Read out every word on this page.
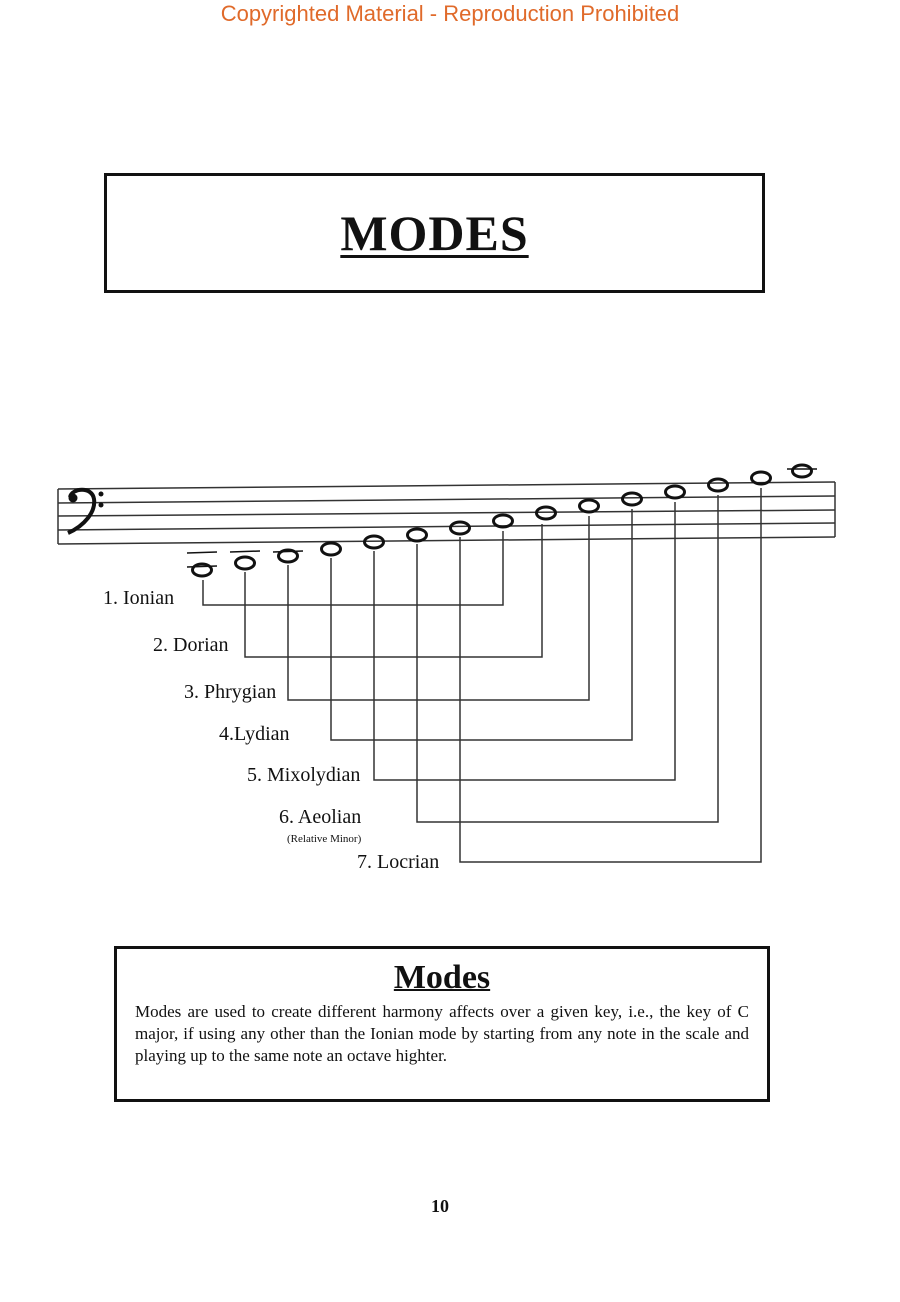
Copyrighted Material - Reproduction Prohibited
MODES
1. Ionian
2. Dorian
3. Phrygian
4.Lydian
5. Mixolydian
6. Aeolian
(Relative Minor)
7. Locrian
Modes

Modes are used to create different harmony affects over a given key, i.e., the key of C major, if using any other than the Ionian mode by starting from any note in the scale and playing up to the same note an octave highter.

10
